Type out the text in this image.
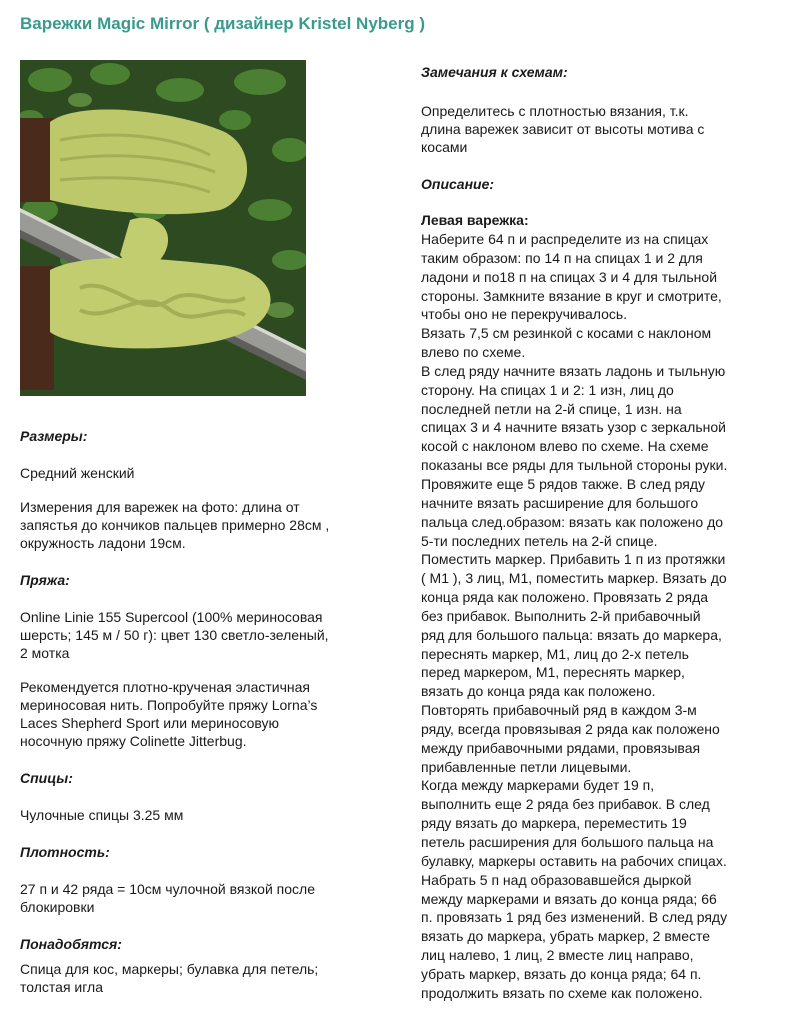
Варежки Magic Mirror ( дизайнер Kristel Nyberg )

Размеры:

Средний женский

Измерения для варежек на фото: длина от
запястья до кончиков пальцев примерно 28см ,
окружность ладони 19см.

Пряжа:

Online Linie 155 Supercool (100% мериносовая
шерсть; 145 м / 50 г): цвет 130 светло-зеленый,
2 мотка

Рекомендуется плотно-крученая эластичная
мериносовая нить. Попробуйте пряжу Lorna’s
Laces Shepherd Sport или мериносовую
носочную пряжу Colinette Jitterbug.

Спицы:

Чулочные спицы 3.25 мм

Плотность:

27 п и 42 ряда = 10см чулочной вязкой после
блокировки

Понадобятся:

Спица для кос, маркеры; булавка для петель;
толстая игла

Замечания к схемам:

Определитесь с плотностью вязания, т.к.
длина варежек зависит от высоты мотива с
косами

Описание:

Левая варежка:

Наберите 64 п и распределите из на спицах
таким образом: по 14 п на спицах 1 и 2 для
ладони и по18 п на спицах 3 и 4 для тыльной
стороны. Замкните вязание в круг и смотрите,
чтобы оно не перекручивалось.
Вязать 7,5 см резинкой с косами с наклоном
влево по схеме.
В след ряду начните вязать ладонь и тыльную
сторону. На спицах 1 и 2: 1 изн, лиц до
последней петли на 2-й спице, 1 изн. на
спицах 3 и 4 начните вязать узор с зеркальной
косой с наклоном влево по схеме. На схеме
показаны все ряды для тыльной стороны руки.
Провяжите еще 5 рядов также. В след ряду
начните вязать расширение для большого
пальца след.образом: вязать как положено до
5-ти последних петель на 2-й спице.
Поместить маркер. Прибавить 1 п из протяжки
( М1 ), 3 лиц, М1, поместить маркер. Вязать до
конца ряда как положено. Провязать 2 ряда
без прибавок. Выполнить 2-й прибавочный
ряд для большого пальца: вязать до маркера,
переснять маркер, М1, лиц до 2-х петель
перед маркером, М1, переснять маркер,
вязать до конца ряда как положено.
Повторять прибавочный ряд в каждом 3-м
ряду, всегда провязывая 2 ряда как положено
между прибавочными рядами, провязывая
прибавленные петли лицевыми.
Когда между маркерами будет 19 п,
выполнить еще 2 ряда без прибавок. В след
ряду вязать до маркера, переместить 19
петель расширения для большого пальца на
булавку, маркеры оставить на рабочих спицах.
Набрать 5 п над образовавшейся дыркой
между маркерами и вязать до конца ряда; 66
п. провязать 1 ряд без изменений. В след ряду
вязать до маркера, убрать маркер, 2 вместе
лиц налево, 1 лиц, 2 вместе лиц направо,
убрать маркер, вязать до конца ряда; 64 п.
продолжить вязать по схеме как положено.
